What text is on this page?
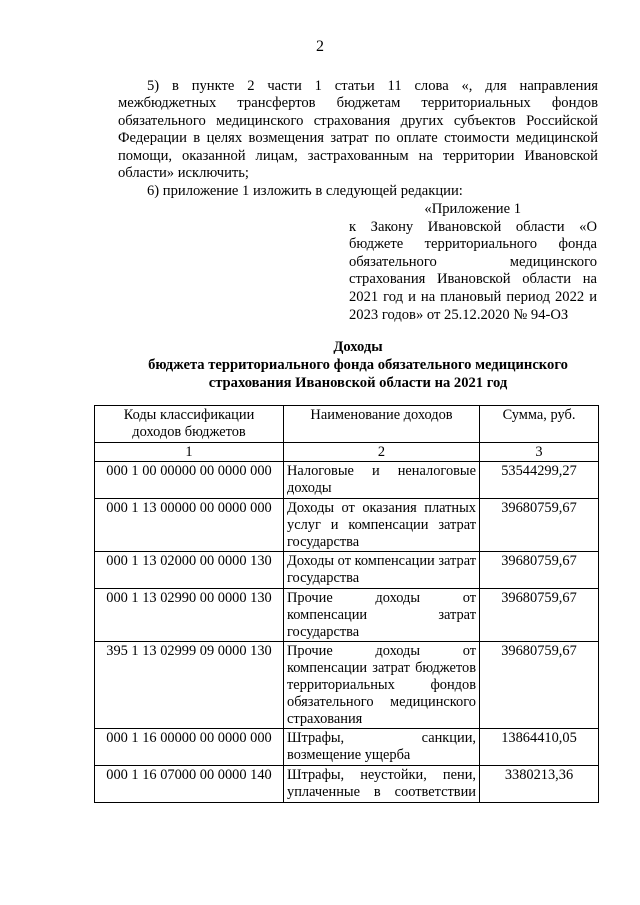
2

5) в пункте 2 части 1 статьи 11 слова «, для направления межбюджетных трансфертов бюджетам территориальных фондов обязательного медицинского страхования других субъектов Российской Федерации в целях возмещения затрат по оплате стоимости медицинской помощи, оказанной лицам, застрахованным на территории Ивановской области» исключить;

6) приложение 1 изложить в следующей редакции:

«Приложение 1
к Закону Ивановской области «О бюджете территориального фонда обязательного медицинского страхования Ивановской области на 2021 год и на плановый период 2022 и 2023 годов» от 25.12.2020 № 94-ОЗ
Доходы
бюджета территориального фонда обязательного медицинского
страхования Ивановской области на 2021 год
Коды классификации доходов бюджетов	Наименование доходов	Сумма, руб.
1	2	3
000 1 00 00000 00 0000 000	Налоговые и неналоговые доходы	53544299,27
000 1 13 00000 00 0000 000	Доходы от оказания платных услуг и компенсации затрат государства	39680759,67
000 1 13 02000 00 0000 130	Доходы от компенсации затрат государства	39680759,67
000 1 13 02990 00 0000 130	Прочие доходы от компенсации затрат государства	39680759,67
395 1 13 02999 09 0000 130	Прочие доходы от компенсации затрат бюджетов территориальных фондов обязательного медицинского страхования	39680759,67
000 1 16 00000 00 0000 000	Штрафы, санкции, возмещение ущерба	13864410,05
000 1 16 07000 00 0000 140	Штрафы, неустойки, пени, уплаченные в соответствии	3380213,36
